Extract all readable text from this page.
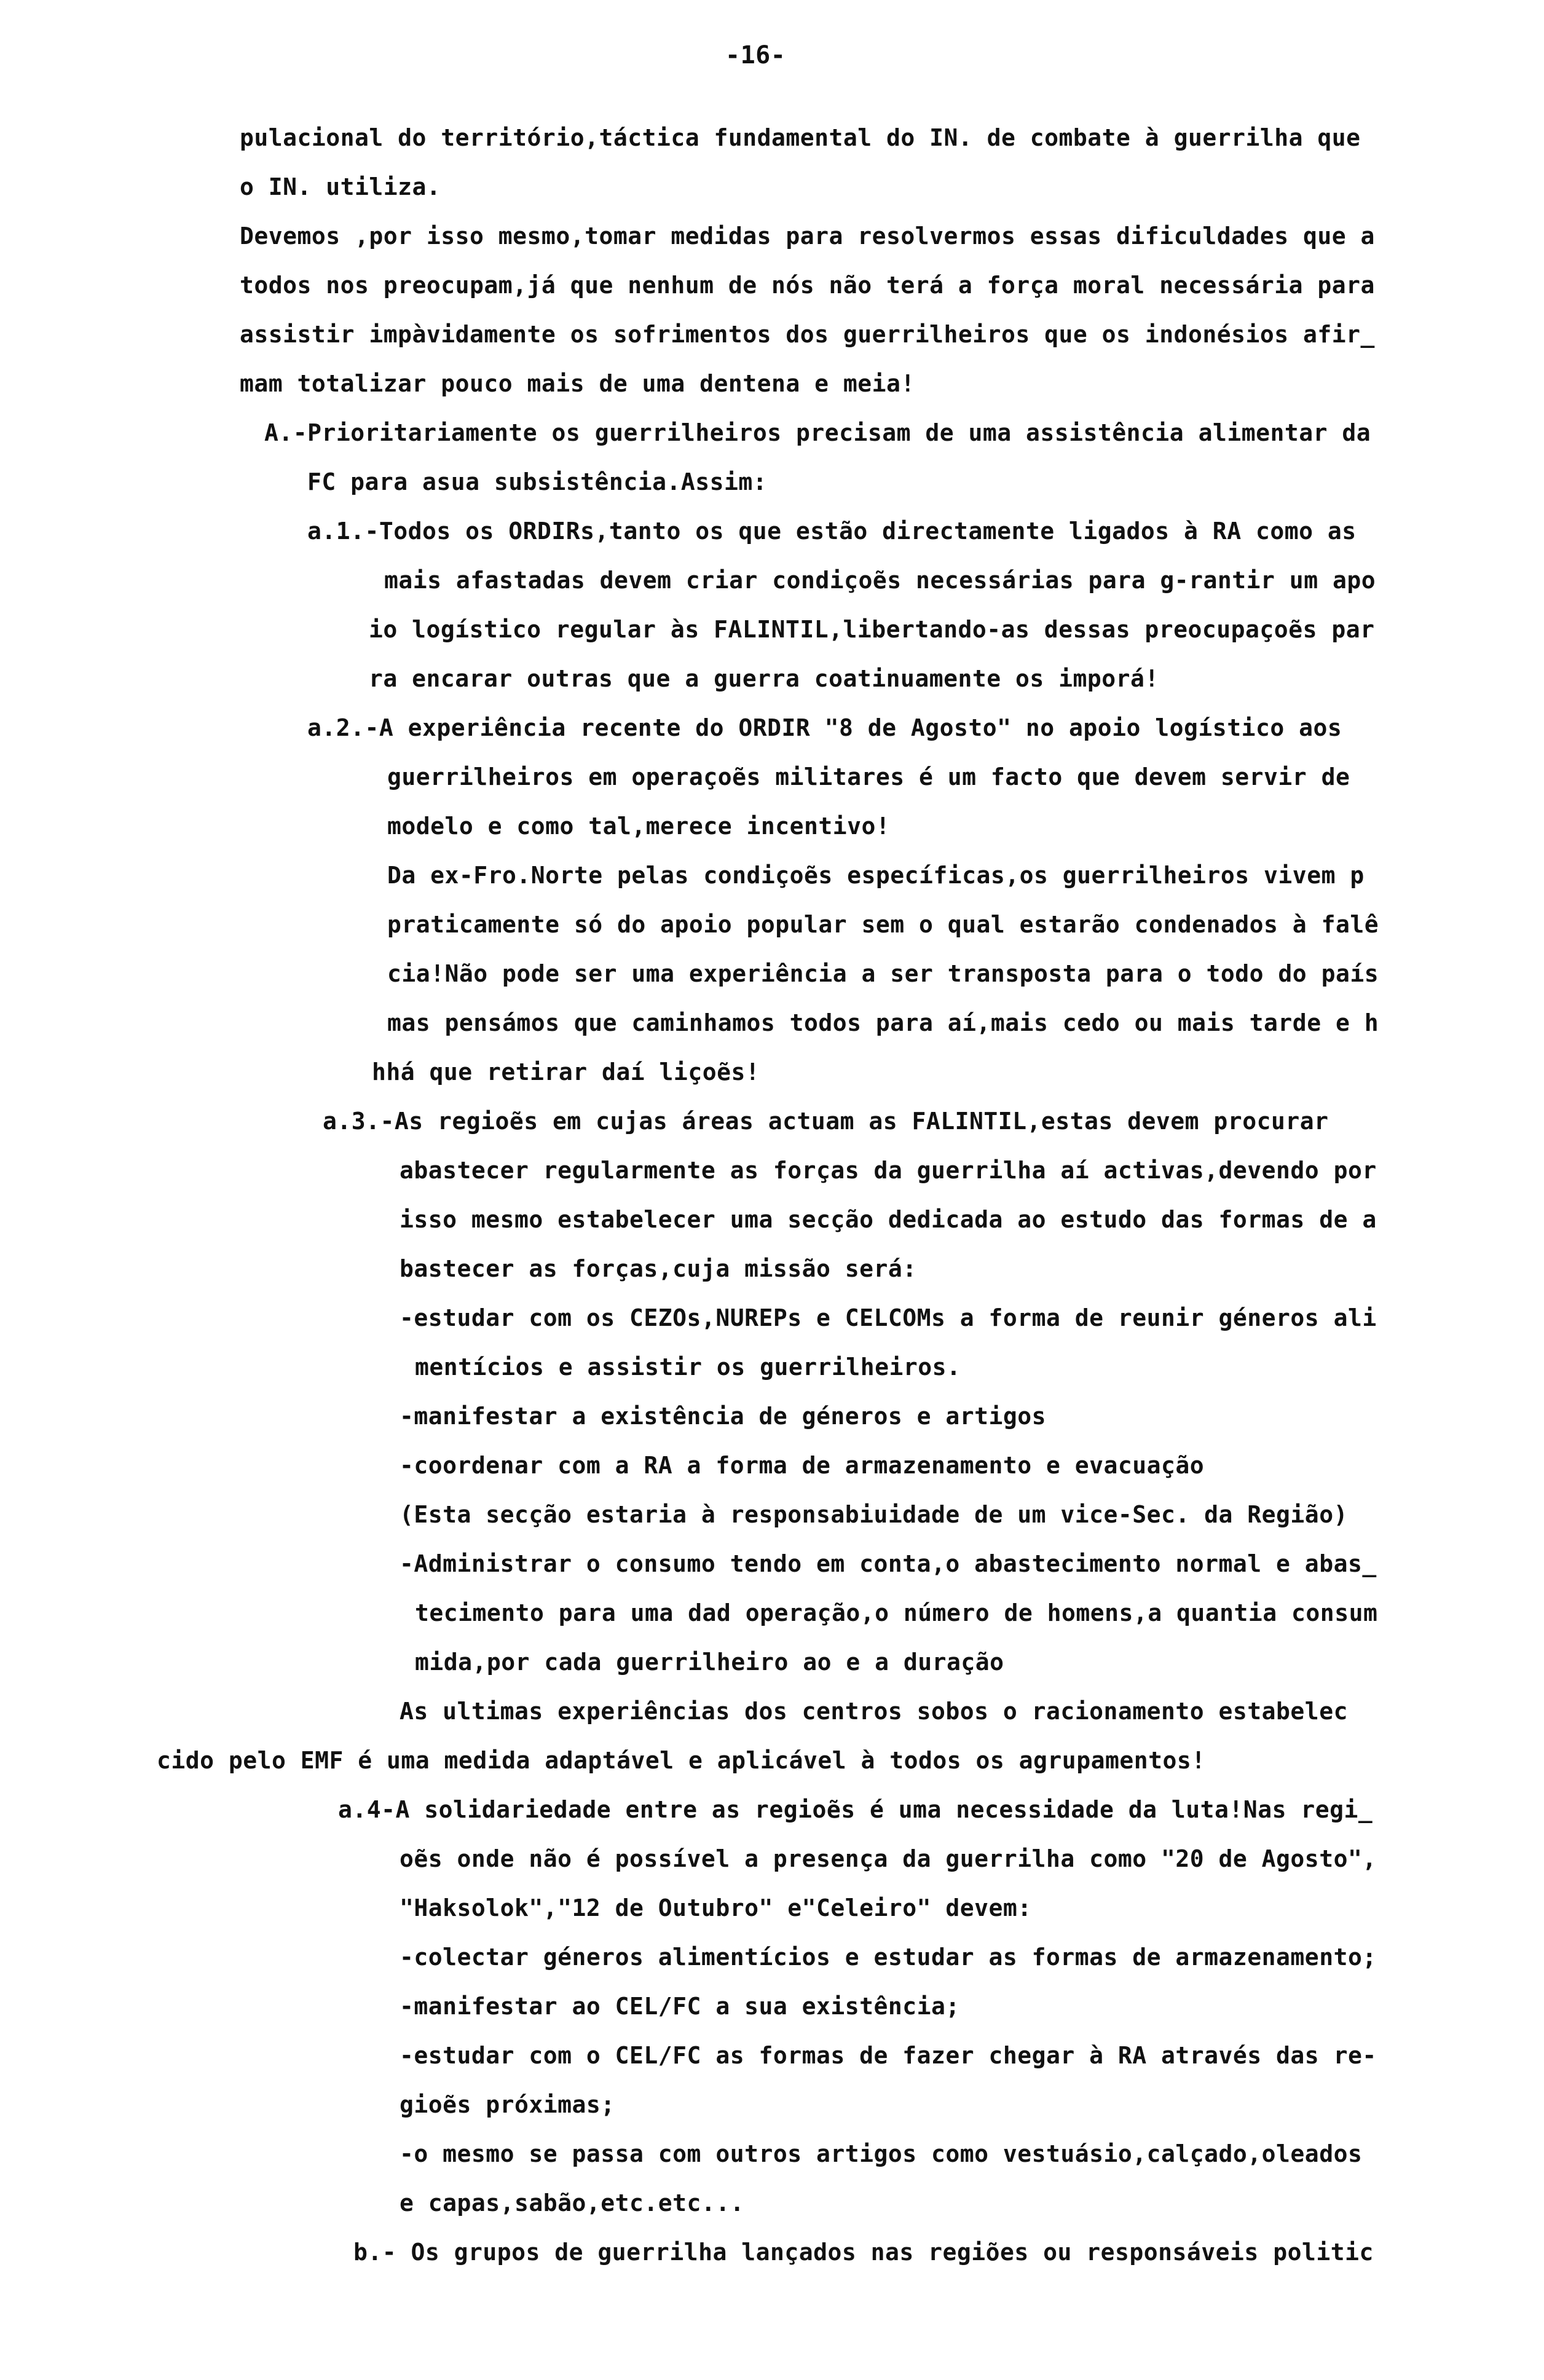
-16-
pulacional do território,táctica fundamental do IN. de combate à guerrilha que
o IN. utiliza.
Devemos ,por isso mesmo,tomar medidas para resolvermos essas dificuldades que a
todos nos preocupam,já que nenhum de nós não terá a força moral necessária para
assistir impàvidamente os sofrimentos dos guerrilheiros que os indonésios afir_
mam totalizar pouco mais de uma dentena e meia!
A.-Prioritariamente os guerrilheiros precisam de uma assistência alimentar da
FC para asua subsistência.Assim:
a.1.-Todos os ORDIRs,tanto os que estão directamente ligados à RA como as
mais afastadas devem criar condiçoẽs necessárias para g-rantir um apo
io logístico regular às FALINTIL,libertando-as dessas preocupaçoẽs par
ra encarar outras que a guerra coatinuamente os imporá!
a.2.-A experiência recente do ORDIR "8 de Agosto" no apoio logístico aos
guerrilheiros em operaçoẽs militares é um facto que devem servir de
modelo e como tal,merece incentivo!
Da ex-Fro.Norte pelas condiçoẽs específicas,os guerrilheiros vivem p
praticamente só do apoio popular sem o qual estarão condenados à falê
cia!Não pode ser uma experiência a ser transposta para o todo do país
mas pensámos que caminhamos todos para aí,mais cedo ou mais tarde e h
hhá que retirar daí liçoẽs!
a.3.-As regioẽs em cujas áreas actuam as FALINTIL,estas devem procurar
abastecer regularmente as forças da guerrilha aí activas,devendo por
isso mesmo estabelecer uma secção dedicada ao estudo das formas de a
bastecer as forças,cuja missão será:
-estudar com os CEZOs,NUREPs e CELCOMs a forma de reunir géneros ali
mentícios e assistir os guerrilheiros.
-manifestar a existência de géneros e artigos
-coordenar com a RA a forma de armazenamento e evacuação
(Esta secção estaria à responsabiuidade de um vice-Sec. da Região)
-Administrar o consumo tendo em conta,o abastecimento normal e abas_
tecimento para uma dad operação,o número de homens,a quantia consum
mida,por cada guerrilheiro ao e a duração
As ultimas experiências dos centros sobos o racionamento estabelec
cido pelo EMF é uma medida adaptável e aplicável à todos os agrupamentos!
a.4-A solidariedade entre as regioẽs é uma necessidade da luta!Nas regi_
oẽs onde não é possível a presença da guerrilha como "20 de Agosto",
"Haksolok","12 de Outubro" e"Celeiro" devem:
-colectar géneros alimentícios e estudar as formas de armazenamento;
-manifestar ao CEL/FC a sua existência;
-estudar com o CEL/FC as formas de fazer chegar à RA através das re-
gioẽs próximas;
-o mesmo se passa com outros artigos como vestuásio,calçado,oleados
e capas,sabão,etc.etc...
b.- Os grupos de guerrilha lançados nas regiões ou responsáveis politic
